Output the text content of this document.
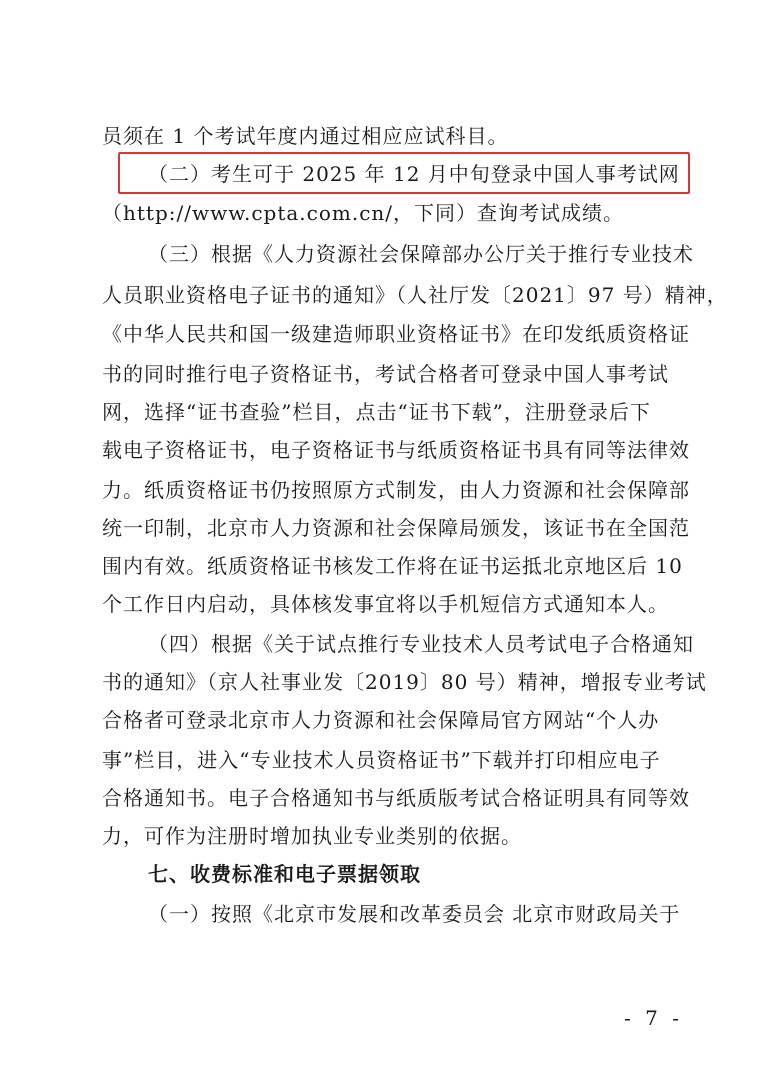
员须在 1 个考试年度内通过相应应试科目。
（二）考生可于 2025 年 12 月中旬登录中国人事考试网
（http://www.cpta.com.cn/，下同）查询考试成绩。
（三）根据《人力资源社会保障部办公厅关于推行专业技术
人员职业资格电子证书的通知》（人社厅发〔2021〕97 号）精神，
《中华人民共和国一级建造师职业资格证书》在印发纸质资格证
书的同时推行电子资格证书，考试合格者可登录中国人事考试
网，选择“证书查验”栏目，点击“证书下载”，注册登录后下
载电子资格证书，电子资格证书与纸质资格证书具有同等法律效
力。纸质资格证书仍按照原方式制发，由人力资源和社会保障部
统一印制，北京市人力资源和社会保障局颁发，该证书在全国范
围内有效。纸质资格证书核发工作将在证书运抵北京地区后 10
个工作日内启动，具体核发事宜将以手机短信方式通知本人。
（四）根据《关于试点推行专业技术人员考试电子合格通知
书的通知》（京人社事业发〔2019〕80 号）精神，增报专业考试
合格者可登录北京市人力资源和社会保障局官方网站“个人办
事”栏目，进入“专业技术人员资格证书”下载并打印相应电子
合格通知书。电子合格通知书与纸质版考试合格证明具有同等效
力，可作为注册时增加执业专业类别的依据。
七、收费标准和电子票据领取
（一）按照《北京市发展和改革委员会 北京市财政局关于
- 7 -
